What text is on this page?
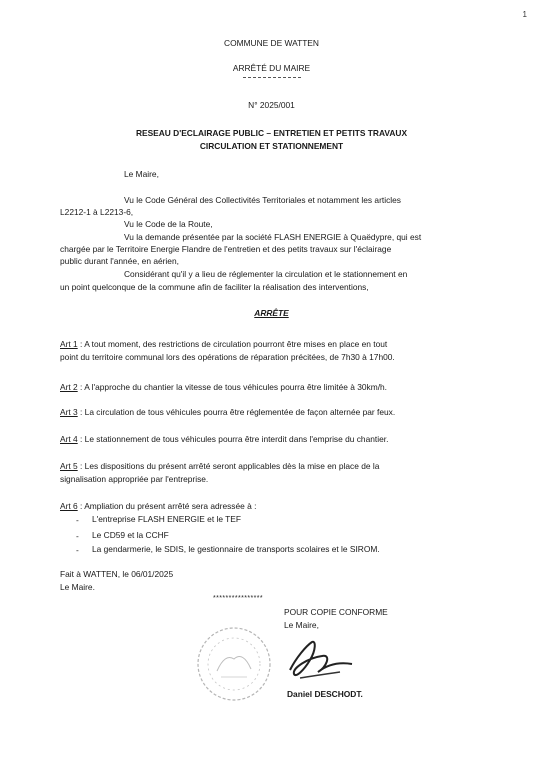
1
COMMUNE DE WATTEN
ARRÊTÉ DU MAIRE
N° 2025/001
RESEAU D'ECLAIRAGE PUBLIC – ENTRETIEN ET PETITS TRAVAUX
CIRCULATION ET STATIONNEMENT
Le Maire,
Vu le Code Général des Collectivités Territoriales et notamment les articles
L2212-1 à L2213-6,
Vu le Code de la Route,
Vu la demande présentée par la société FLASH ENERGIE à Quaëdypre, qui est
chargée par le Territoire Energie Flandre de l'entretien et des petits travaux sur l'éclairage
public durant l'année, en aérien,
Considérant qu'il y a lieu de réglementer la circulation et le stationnement en
un point quelconque de la commune afin de faciliter la réalisation des interventions,
ARRÊTE
Art 1 : A tout moment, des restrictions de circulation pourront être mises en place en tout
point du territoire communal lors des opérations de réparation précitées, de 7h30 à 17h00.
Art 2 : A l'approche du chantier la vitesse de tous véhicules pourra être limitée à 30km/h.
Art 3 : La circulation de tous véhicules pourra être réglementée de façon alternée par feux.
Art 4 : Le stationnement de tous véhicules pourra être interdit dans l'emprise du chantier.
Art 5 : Les dispositions du présent arrêté seront applicables dès la mise en place de la
signalisation appropriée par l'entreprise.
Art 6 : Ampliation du présent arrêté sera adressée à :
- L'entreprise FLASH ENERGIE et le TEF
- Le CD59 et la CCHF
- La gendarmerie, le SDIS, le gestionnaire de transports scolaires et le SIROM.
Fait à WATTEN, le 06/01/2025
Le Maire.
****************
POUR COPIE CONFORME
Le Maire,
Daniel DESCHODT.
